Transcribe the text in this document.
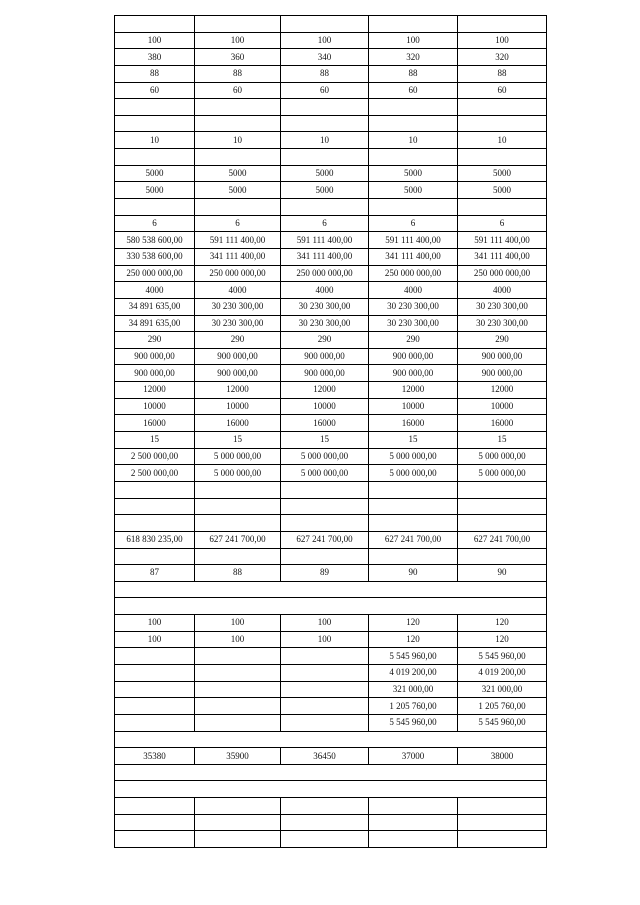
100	100	100	100	100
380	360	340	320	320
88	88	88	88	88
60	60	60	60	60

10	10	10	10	10

5000	5000	5000	5000	5000
5000	5000	5000	5000	5000

6	6	6	6	6
580 538 600,00	591 111 400,00	591 111 400,00	591 111 400,00	591 111 400,00
330 538 600,00	341 111 400,00	341 111 400,00	341 111 400,00	341 111 400,00
250 000 000,00	250 000 000,00	250 000 000,00	250 000 000,00	250 000 000,00
4000	4000	4000	4000	4000
34 891 635,00	30 230 300,00	30 230 300,00	30 230 300,00	30 230 300,00
34 891 635,00	30 230 300,00	30 230 300,00	30 230 300,00	30 230 300,00
290	290	290	290	290
900 000,00	900 000,00	900 000,00	900 000,00	900 000,00
900 000,00	900 000,00	900 000,00	900 000,00	900 000,00
12000	12000	12000	12000	12000
10000	10000	10000	10000	10000
16000	16000	16000	16000	16000
15	15	15	15	15
2 500 000,00	5 000 000,00	5 000 000,00	5 000 000,00	5 000 000,00
2 500 000,00	5 000 000,00	5 000 000,00	5 000 000,00	5 000 000,00

618 830 235,00	627 241 700,00	627 241 700,00	627 241 700,00	627 241 700,00

87	88	89	90	90

100	100	100	120	120
100	100	100	120	120
			5 545 960,00	5 545 960,00
			4 019 200,00	4 019 200,00
			321 000,00	321 000,00
			1 205 760,00	1 205 760,00
			5 545 960,00	5 545 960,00

35380	35900	36450	37000	38000
